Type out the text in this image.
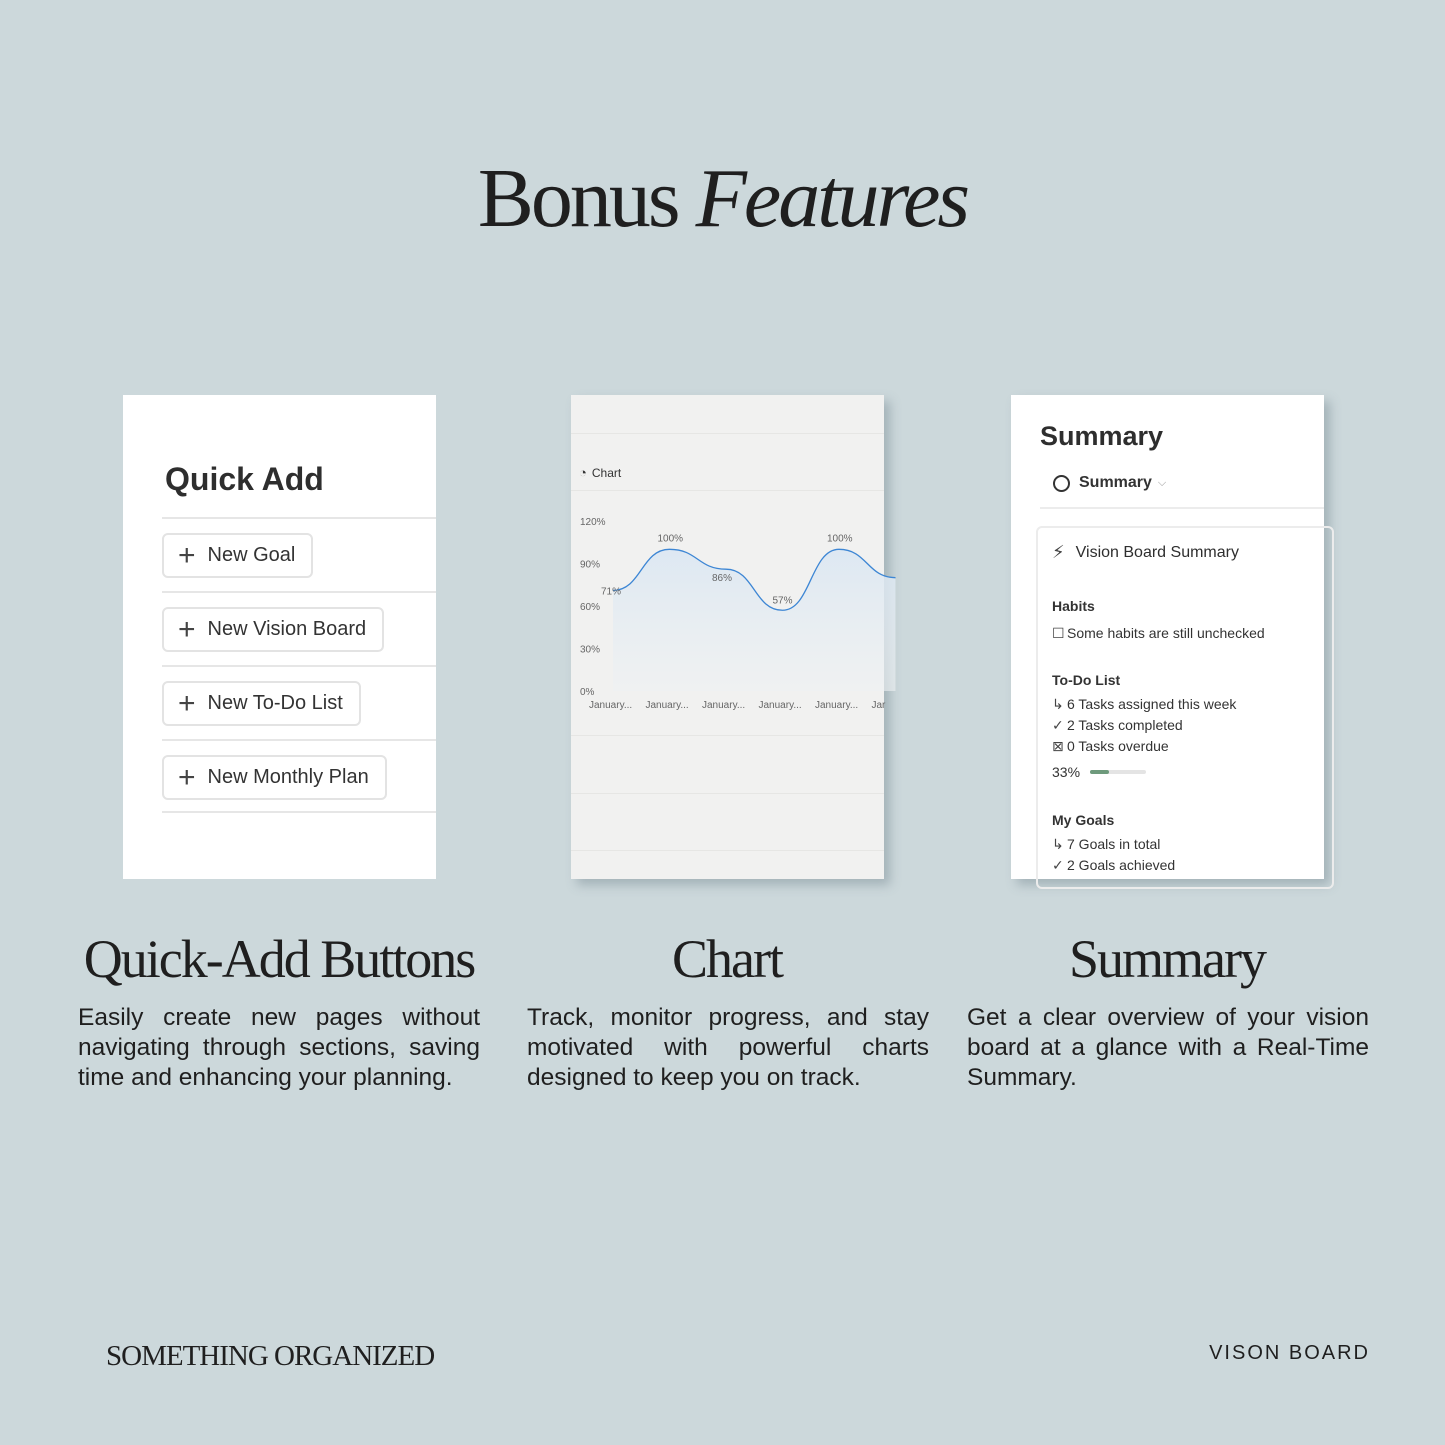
Bonus Features
Quick Add
+ New Goal
+ New Vision Board
+ New To-Do List
+ New Monthly Plan
◔ Chart
120%
90%
60%
30%
0%
January... January... January... January... January... Jar
71%
100%
86%
57%
100%
Summary
Summary ⌵
⚡︎ Vision Board Summary
Habits
☐ Some habits are still unchecked
To-Do List
↳ 6 Tasks assigned this week
✓ 2 Tasks completed
⊠ 0 Tasks overdue
33%
My Goals
↳ 7 Goals in total
✓ 2 Goals achieved
Quick-Add Buttons
Easily create new pages without navigating through sections, saving time and enhancing your planning.
Chart
Track, monitor progress, and stay motivated with powerful charts designed to keep you on track.
Summary
Get a clear overview of your vision board at a glance with a Real-Time Summary.
SOMETHING ORGANIZED	VISON BOARD
